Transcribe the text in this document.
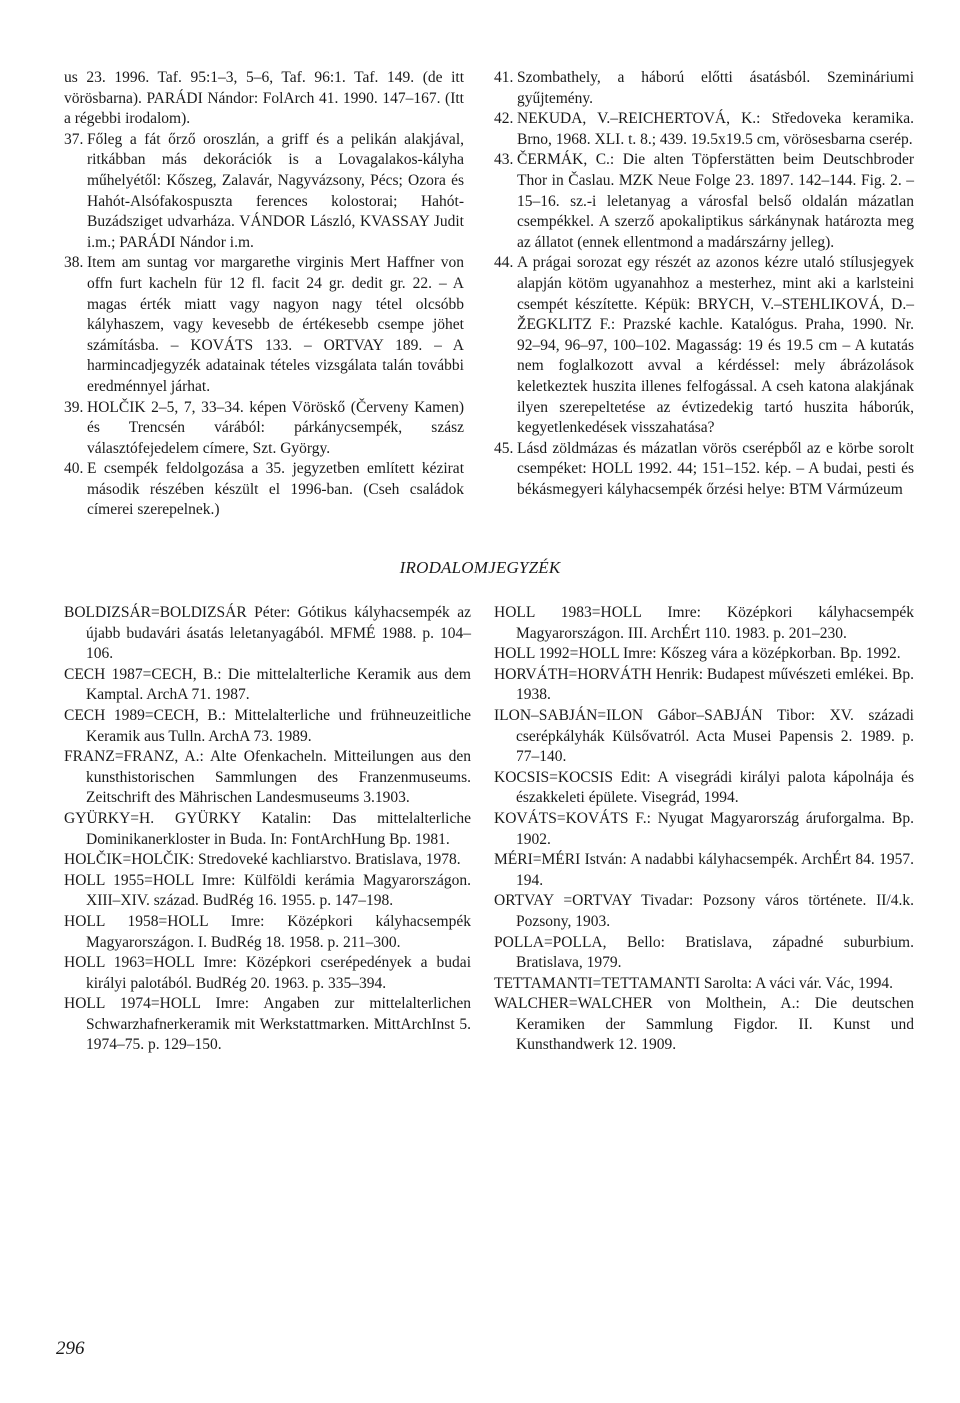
us 23. 1996. Taf. 95:1–3, 5–6, Taf. 96:1. Taf. 149. (de itt vörösbarna). PARÁDI Nándor: FolArch 41. 1990. 147–167. (Itt a régebbi irodalom).

37. Főleg a fát őrző oroszlán, a griff és a pelikán alakjával, ritkábban más dekorációk is a Lovagalakos-kályha műhelyétől: Kőszeg, Zalavár, Nagyvázsony, Pécs; Ozora és Hahót-Alsófakospuszta ferences kolostorai; Hahót-Buzádsziget udvarháza. VÁNDOR László, KVASSAY Judit i.m.; PARÁDI Nándor i.m.
38. Item am suntag vor margarethe virginis Mert Haffner von offn furt kacheln für 12 fl. facit 24 gr. dedit gr. 22. – A magas érték miatt vagy nagyon nagy tétel olcsóbb kályhaszem, vagy kevesebb de értékesebb csempe jöhet számításba. – KOVÁTS 133. – ORTVAY 189. – A harmincadjegyzék adatainak tételes vizsgálata talán további eredménnyel járhat.
39. HOLČIK 2–5, 7, 33–34. képen Vöröskő (Červeny Kamen) és Trencsén várából: párkánycsempék, szász választófejedelem címere, Szt. György.
40. E csempék feldolgozása a 35. jegyzetben említett kézirat második részében készült el 1996-ban. (Cseh családok címerei szerepelnek.)
41. Szombathely, a háború előtti ásatásból. Szemináriumi gyűjtemény.
42. NEKUDA, V.–REICHERTOVÁ, K.: Středoveka keramika. Brno, 1968. XLI. t. 8.; 439. 19.5x19.5 cm, vörösesbarna cserép.
43. ČERMÁK, C.: Die alten Töpferstätten beim Deutschbroder Thor in Časlau. MZK Neue Folge 23. 1897. 142–144. Fig. 2. – 15–16. sz.-i leletanyag a városfal belső oldalán mázatlan csempékkel. A szerző apokaliptikus sárkánynak határozta meg az állatot (ennek ellentmond a madárszárny jelleg).
44. A prágai sorozat egy részét az azonos kézre utaló stílusjegyek alapján kötöm ugyanahhoz a mesterhez, mint aki a karlsteini csempét készítette. Képük: BRYCH, V.–STEHLIKOVÁ, D.–ŽEGKLITZ F.: Prazské kachle. Katalógus. Praha, 1990. Nr. 92–94, 96–97, 100–102. Magasság: 19 és 19.5 cm – A kutatás nem foglalkozott avval a kérdéssel: mely ábrázolások keletkeztek huszita illenes felfogással. A cseh katona alakjának ilyen szerepeltetése az évtizedekig tartó huszita háborúk, kegyetlenkedések visszahatása?
45. Lásd zöldmázas és mázatlan vörös cserépből az e körbe sorolt csempéket: HOLL 1992. 44; 151–152. kép. – A budai, pesti és békásmegyeri kályhacsempék őrzési helye: BTM Vármúzeum
IRODALOMJEGYZÉK

BOLDIZSÁR=BOLDIZSÁR Péter: Gótikus kályhacsempék az újabb budavári ásatás leletanyagából. MFMÉ 1988. p. 104–106.

CECH 1987=CECH, B.: Die mittelalterliche Keramik aus dem Kamptal. ArchA 71. 1987.

CECH 1989=CECH, B.: Mittelalterliche und frühneuzeitliche Keramik aus Tulln. ArchA 73. 1989.

FRANZ=FRANZ, A.: Alte Ofenkacheln. Mitteilungen aus den kunsthistorischen Sammlungen des Franzenmuseums. Zeitschrift des Mährischen Landesmuseums 3.1903.

GYÜRKY=H. GYÜRKY Katalin: Das mittelalterliche Dominikanerkloster in Buda. In: FontArchHung Bp. 1981.

HOLČIK=HOLČIK: Stredoveké kachliarstvo. Bratislava, 1978.

HOLL 1955=HOLL Imre: Külföldi kerámia Magyarországon. XIII–XIV. század. BudRég 16. 1955. p. 147–198.

HOLL 1958=HOLL Imre: Középkori kályhacsempék Magyarországon. I. BudRég 18. 1958. p. 211–300.

HOLL 1963=HOLL Imre: Középkori cserépedények a budai királyi palotából. BudRég 20. 1963. p. 335–394.

HOLL 1974=HOLL Imre: Angaben zur mittelalterlichen Schwarzhafnerkeramik mit Werkstattmarken. MittArchInst 5. 1974–75. p. 129–150.

HOLL 1983=HOLL Imre: Középkori kályhacsempék Magyarországon. III. ArchÉrt 110. 1983. p. 201–230.

HOLL 1992=HOLL Imre: Kőszeg vára a középkorban. Bp. 1992.

HORVÁTH=HORVÁTH Henrik: Budapest művészeti emlékei. Bp. 1938.

ILON–SABJÁN=ILON Gábor–SABJÁN Tibor: XV. századi cserépkályhák Külsővatról. Acta Musei Papensis 2. 1989. p. 77–140.

KOCSIS=KOCSIS Edit: A visegrádi királyi palota kápolnája és északkeleti épülete. Visegrád, 1994.

KOVÁTS=KOVÁTS F.: Nyugat Magyarország áruforgalma. Bp. 1902.

MÉRI=MÉRI István: A nadabbi kályhacsempék. ArchÉrt 84. 1957. 194.

ORTVAY =ORTVAY Tivadar: Pozsony város története. II/4.k. Pozsony, 1903.

POLLA=POLLA, Bello: Bratislava, západné suburbium. Bratislava, 1979.

TETTAMANTI=TETTAMANTI Sarolta: A váci vár. Vác, 1994.

WALCHER=WALCHER von Molthein, A.: Die deutschen Keramiken der Sammlung Figdor. II. Kunst und Kunsthandwerk 12. 1909.

296
